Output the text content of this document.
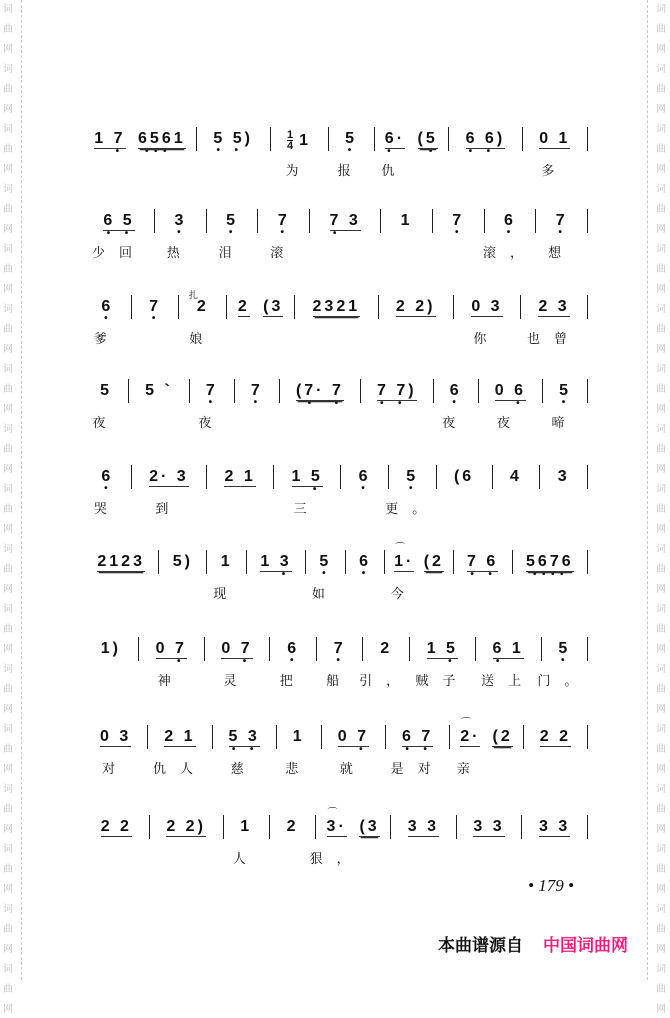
词
曲
网
词
曲
网
词
曲
网
词
曲
网
词
曲
网
词
曲
网
词
曲
网
词
曲
网
词
曲
网
词
曲
网
词
曲
网
词
曲
网
词
曲
网
词
曲
网
词
曲
网
词
曲
网
词
曲
网
词
曲
网
词
曲
网
词
曲
网
词
曲
网
词
曲
网
词
曲
网
词
曲
网
词
曲
网
词
曲
网
词
曲
网
词
曲
网
词
曲
网
词
曲
网
词
曲
网
词
曲
网
词
曲
网
词
曲
网
1 7
•
6561
•••
5 5)
• •
$\frac{1}{4} 1$
为
5
•
报
6·
•
仇
(5
•
6 6)
• •
0 1
多
6 5
• •
少回
3
•
热
5
•
泪
7
•
滚
7 3
•
1 7
•
6
•
滚，
7
•
想
6
•
爹
7
•
扎
2
娘
2 (3 2321 2 2) 0 3
你
2 3
也曾
5
夜
5 ` 7
•
夜
7
•
(7· 7
•  •
7 7)
• •
6
•
夜
0 6
•
夜
5
•
啼
6
•
哭
2· 3
到
2 1 1 5
•
三
6
•
5
•
更。
(6 4 3
2123 5) 1
现
1 3
•
5
•
如
6
•
⌒
1·
今
(2 7 6
• •
5676
••••
1) 0 7
•
神
0 7
•
灵
6
•
把
7
•
船
2
引，
1 5
•
贼子
6 1
•
送上
5
•
门。
0 3
对
2 1
仇人
5 3
• •
慈
1
悲
0 7
•
就
6 7
• •
是对
⌒
2·
亲
(2 2 2
2 2 2 2) 1
人
2
⌒
3·
狠，
(3 3 3 3 3 3 3
• 179 •
本曲谱源自 中国词曲网
